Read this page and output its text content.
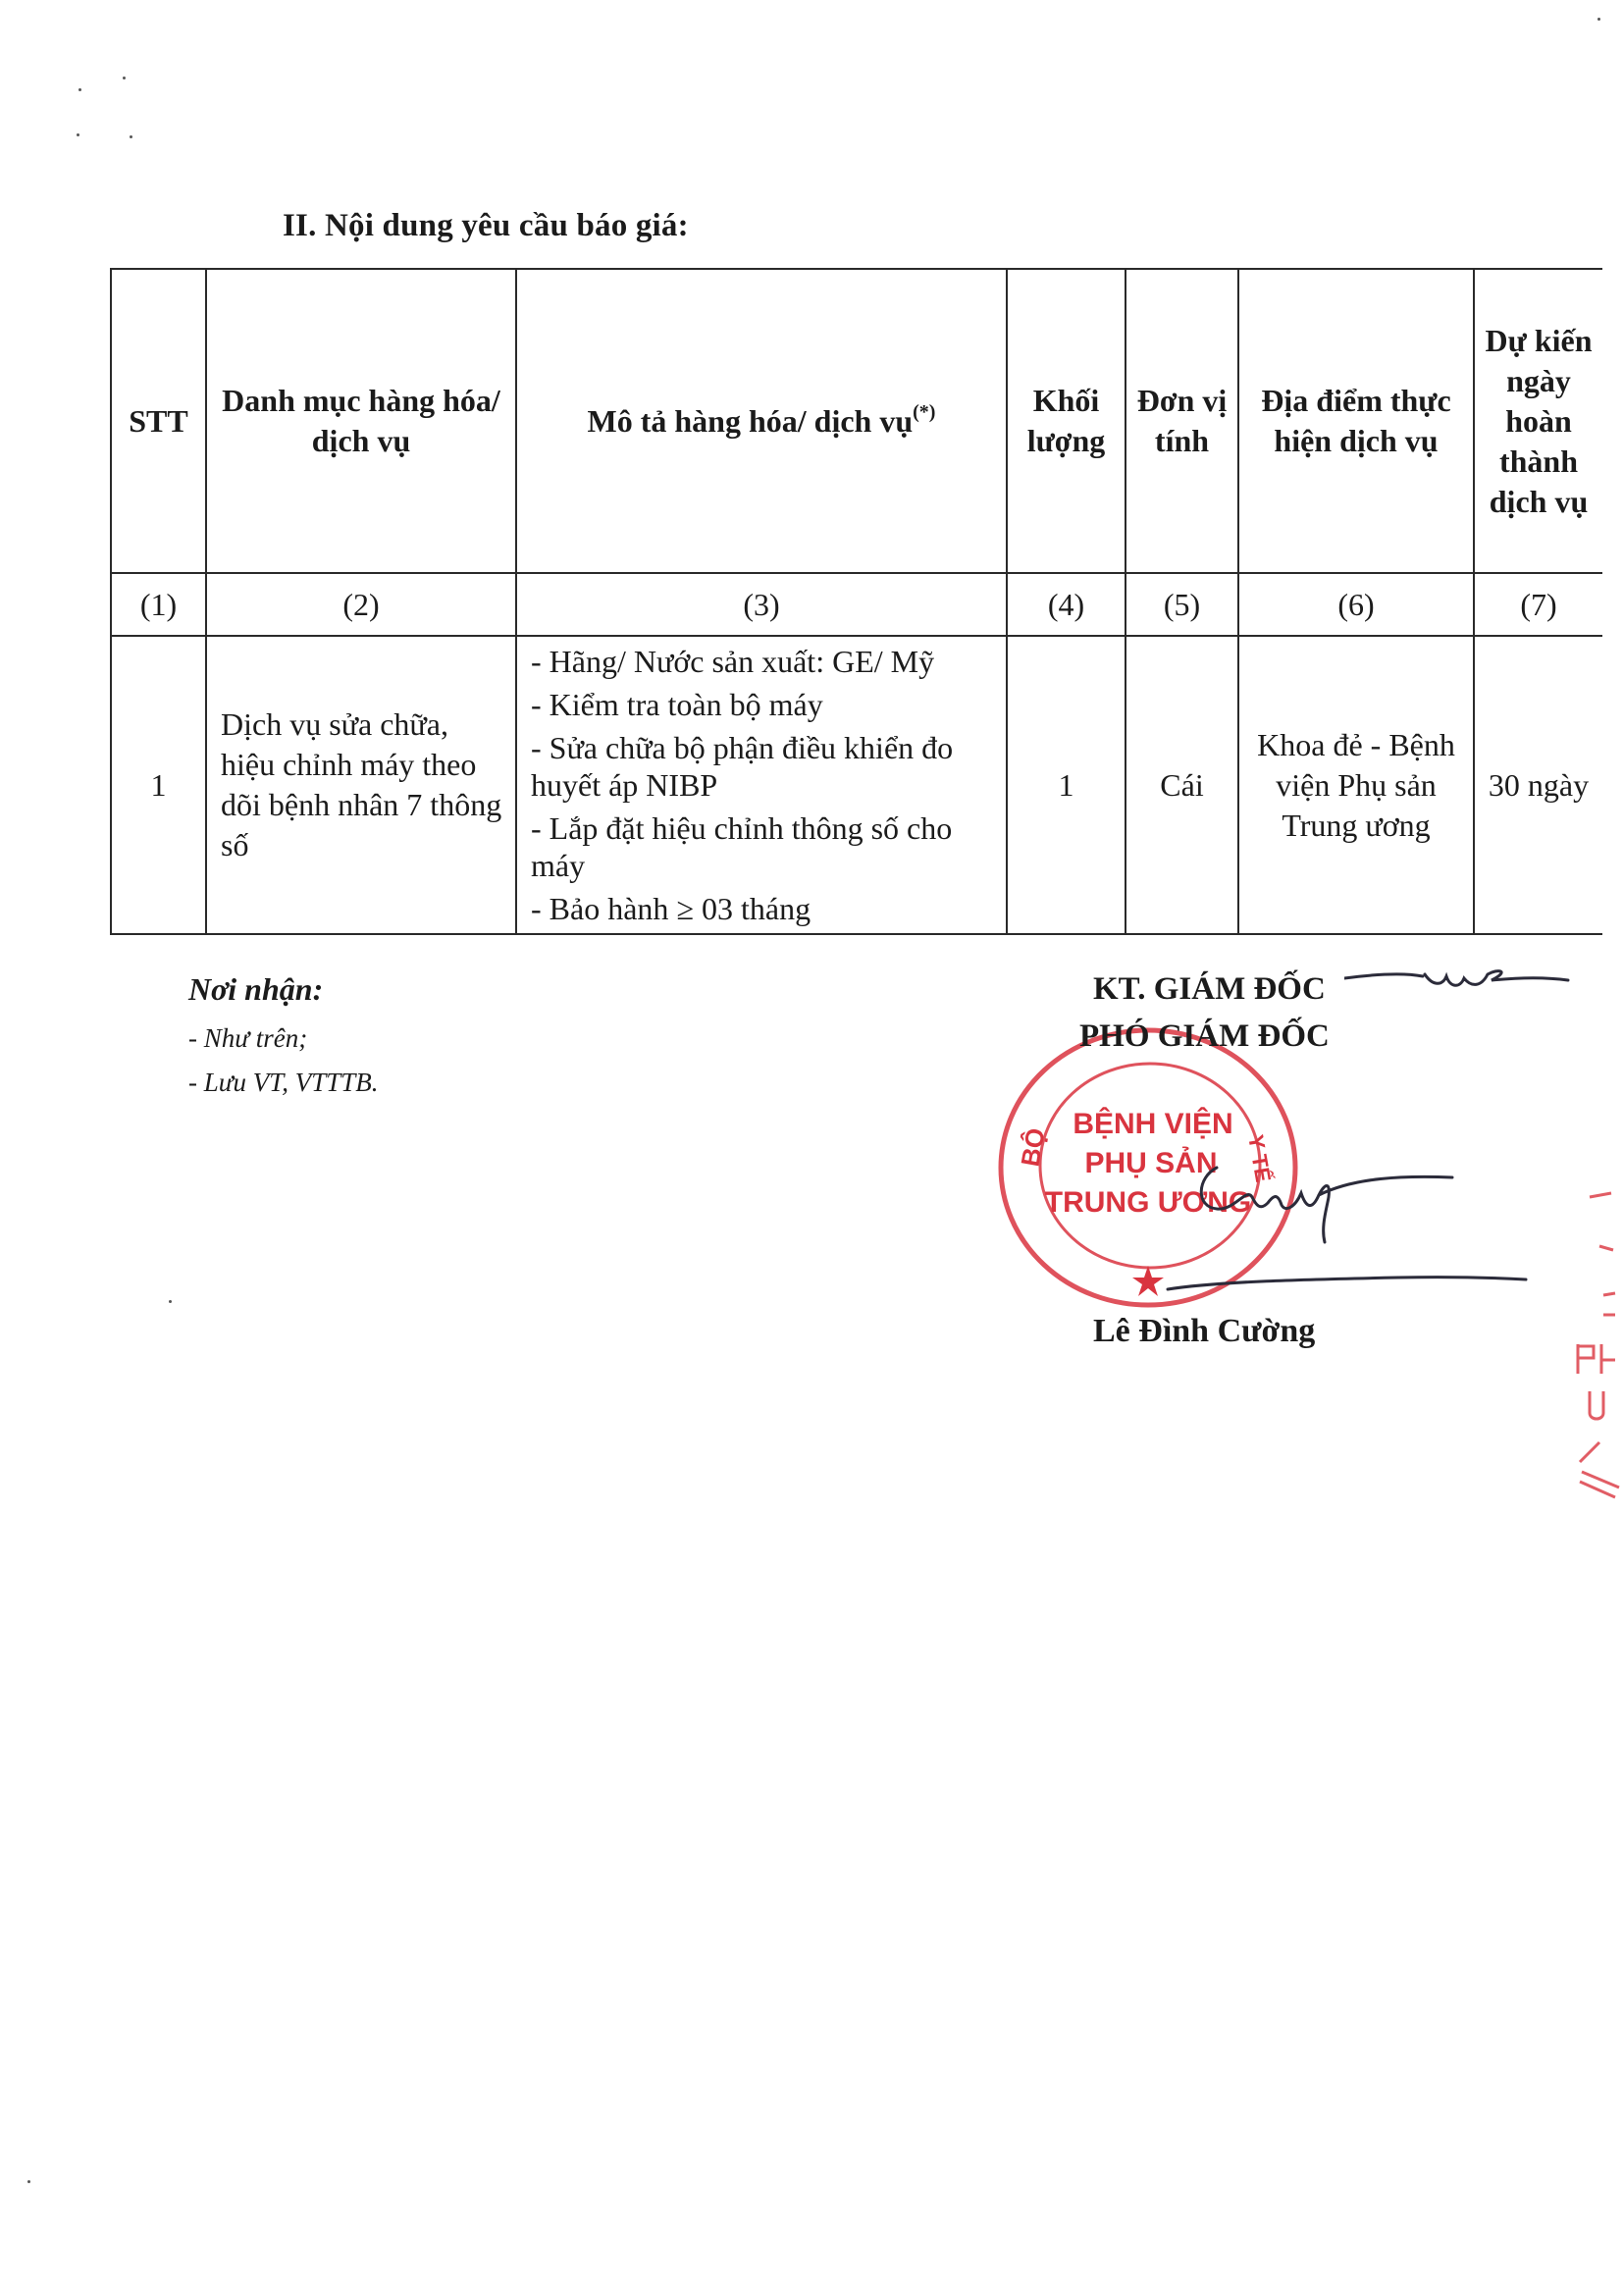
II. Nội dung yêu cầu báo giá:
STT	Danh mục hàng hóa/ dịch vụ	Mô tả hàng hóa/ dịch vụ(*)	Khối lượng	Đơn vị tính	Địa điểm thực hiện dịch vụ	Dự kiến ngày hoàn thành dịch vụ
(1)	(2)	(3)	(4)	(5)	(6)	(7)
1	Dịch vụ sửa chữa, hiệu chỉnh máy theo dõi bệnh nhân 7 thông số	- Hãng/ Nước sản xuất: GE/ Mỹ
- Kiểm tra toàn bộ máy
- Sửa chữa bộ phận điều khiển đo huyết áp NIBP
- Lắp đặt hiệu chỉnh thông số cho máy
- Bảo hành ≥ 03 tháng	1	Cái	Khoa đẻ - Bệnh viện Phụ sản Trung ương	30 ngày
Nơi nhận:
- Như trên;
- Lưu VT, VTTTB.
BỘ	Y TẾ
BỆNH VIỆN
PHỤ SẢN
TRUNG ƯƠNG
KT. GIÁM ĐỐC
PHÓ GIÁM ĐỐC
Lê Đình Cường
